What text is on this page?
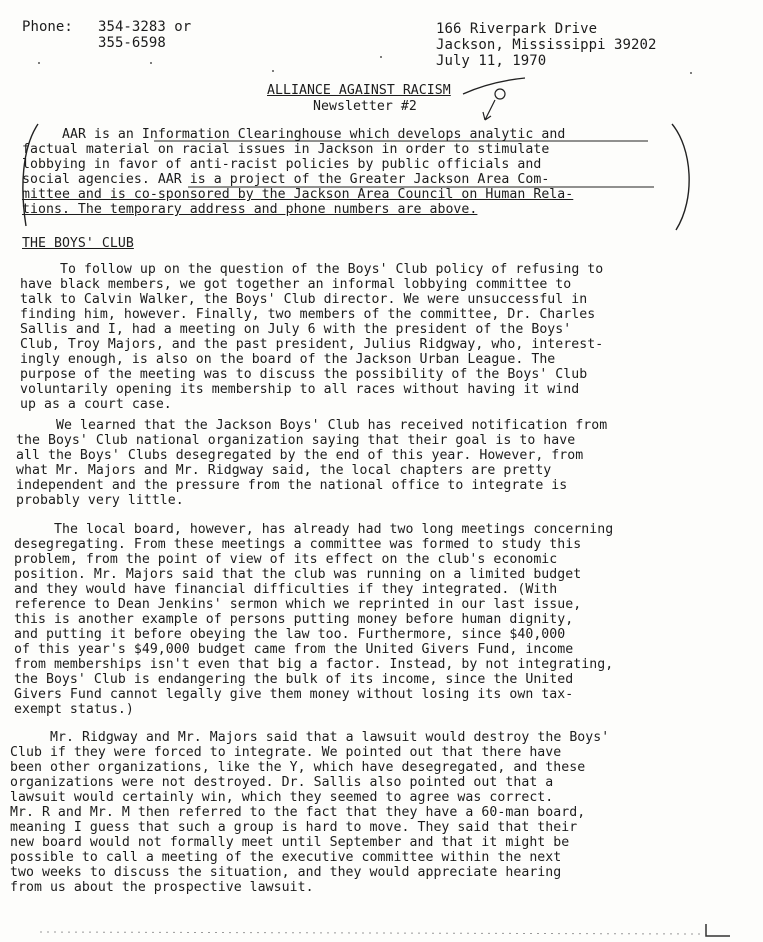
Phone: 354-3283 or
355-6598
166 Riverpark Drive
Jackson, Mississippi 39202
July 11, 1970
ALLIANCE AGAINST RACISM
Newsletter #2
AAR is an Information Clearinghouse which develops analytic and
factual material on racial issues in Jackson in order to stimulate
lobbying in favor of anti-racist policies by public officials and
social agencies. AAR is a project of the Greater Jackson Area Com-
mittee and is co-sponsored by the Jackson Area Council on Human Rela-
tions. The temporary address and phone numbers are above.
THE BOYS' CLUB
To follow up on the question of the Boys' Club policy of refusing to
have black members, we got together an informal lobbying committee to
talk to Calvin Walker, the Boys' Club director. We were unsuccessful in
finding him, however. Finally, two members of the committee, Dr. Charles
Sallis and I, had a meeting on July 6 with the president of the Boys'
Club, Troy Majors, and the past president, Julius Ridgway, who, interest-
ingly enough, is also on the board of the Jackson Urban League. The
purpose of the meeting was to discuss the possibility of the Boys' Club
voluntarily opening its membership to all races without having it wind
up as a court case.
We learned that the Jackson Boys' Club has received notification from
the Boys' Club national organization saying that their goal is to have
all the Boys' Clubs desegregated by the end of this year. However, from
what Mr. Majors and Mr. Ridgway said, the local chapters are pretty
independent and the pressure from the national office to integrate is
probably very little.
The local board, however, has already had two long meetings concerning
desegregating. From these meetings a committee was formed to study this
problem, from the point of view of its effect on the club's economic
position. Mr. Majors said that the club was running on a limited budget
and they would have financial difficulties if they integrated. (With
reference to Dean Jenkins' sermon which we reprinted in our last issue,
this is another example of persons putting money before human dignity,
and putting it before obeying the law too. Furthermore, since $40,000
of this year's $49,000 budget came from the United Givers Fund, income
from memberships isn't even that big a factor. Instead, by not integrating,
the Boys' Club is endangering the bulk of its income, since the United
Givers Fund cannot legally give them money without losing its own tax-
exempt status.)
Mr. Ridgway and Mr. Majors said that a lawsuit would destroy the Boys'
Club if they were forced to integrate. We pointed out that there have
been other organizations, like the Y, which have desegregated, and these
organizations were not destroyed. Dr. Sallis also pointed out that a
lawsuit would certainly win, which they seemed to agree was correct.
Mr. R and Mr. M then referred to the fact that they have a 60-man board,
meaning I guess that such a group is hard to move. They said that their
new board would not formally meet until September and that it might be
possible to call a meeting of the executive committee within the next
two weeks to discuss the situation, and they would appreciate hearing
from us about the prospective lawsuit.
